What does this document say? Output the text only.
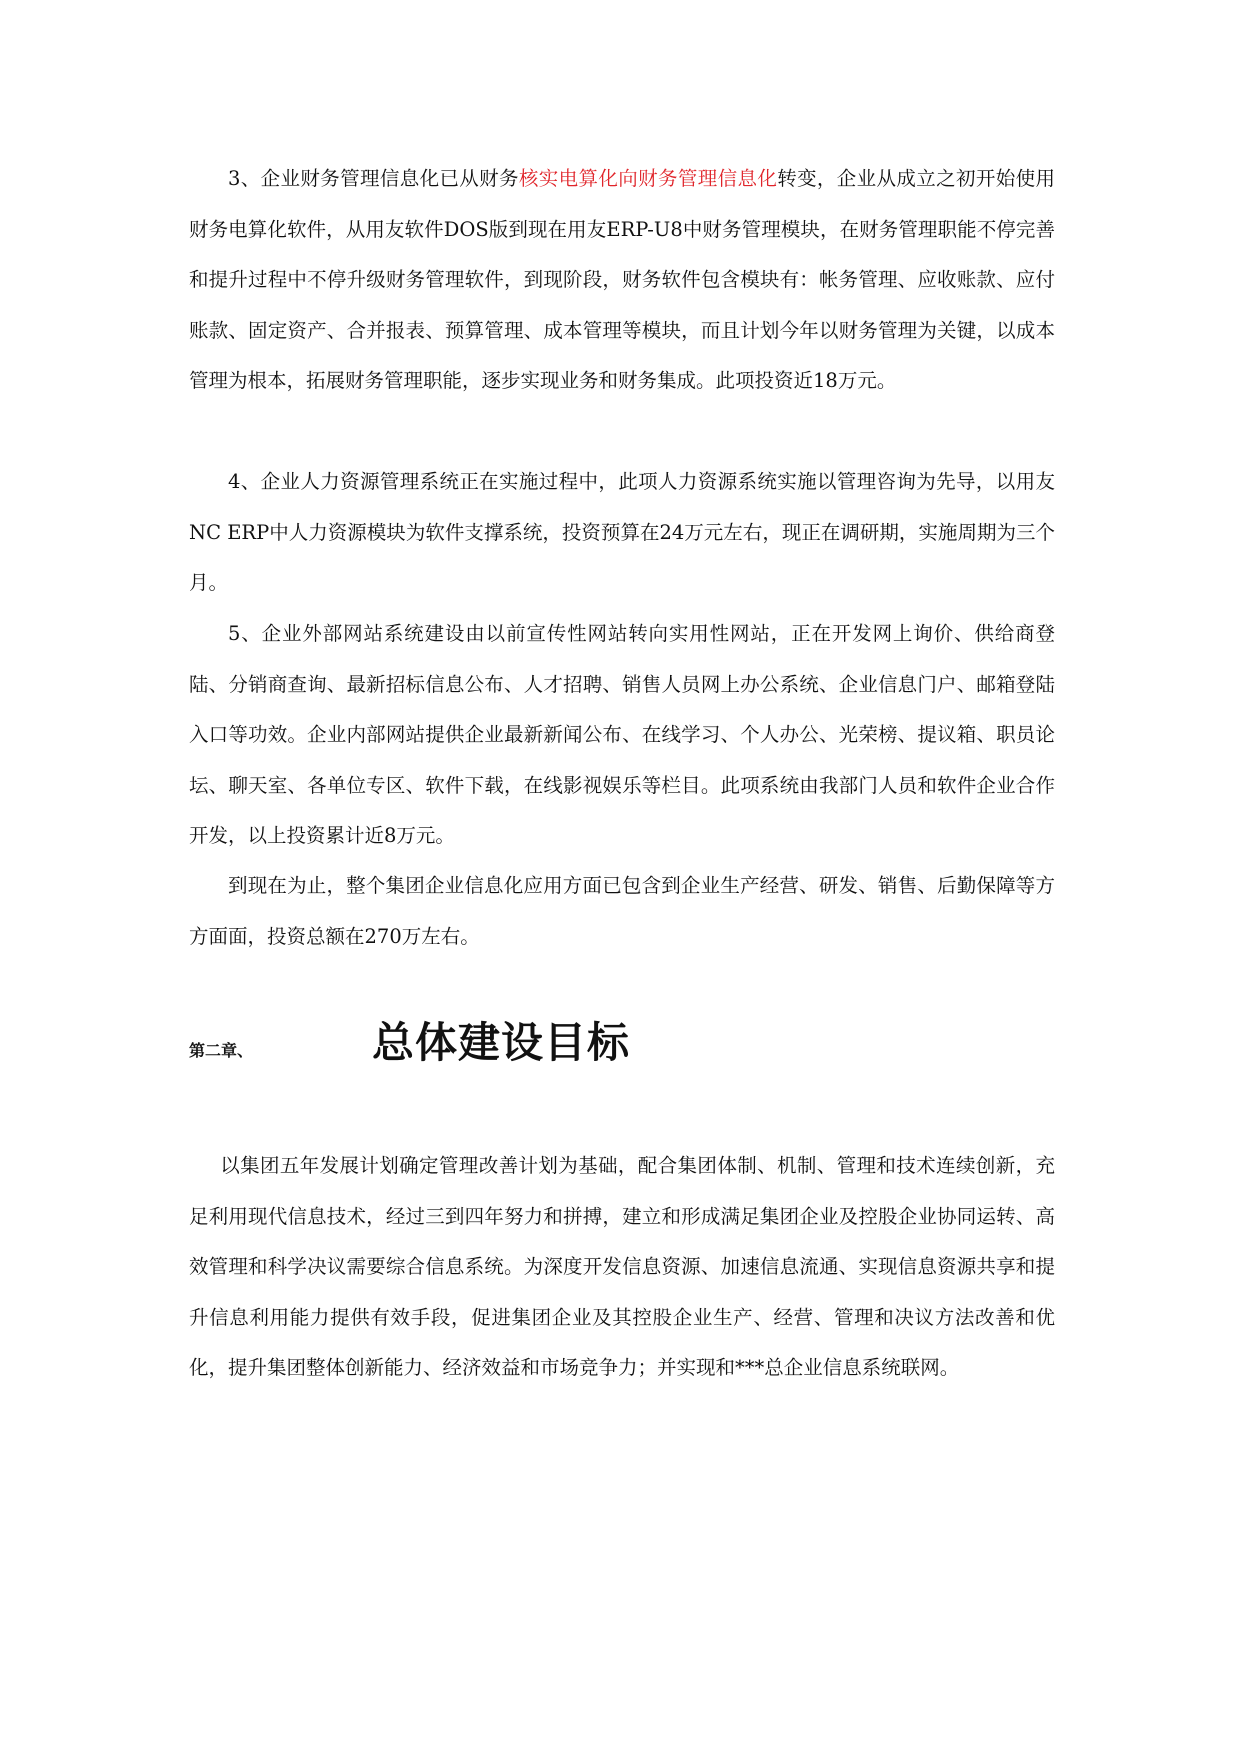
3、企业财务管理信息化已从财务核实电算化向财务管理信息化转变，企业从成立之初开始使用财务电算化软件，从用友软件DOS版到现在用友ERP-U8中财务管理模块，在财务管理职能不停完善和提升过程中不停升级财务管理软件，到现阶段，财务软件包含模块有：帐务管理、应收账款、应付账款、固定资产、合并报表、预算管理、成本管理等模块，而且计划今年以财务管理为关键，以成本管理为根本，拓展财务管理职能，逐步实现业务和财务集成。此项投资近18万元。

4、企业人力资源管理系统正在实施过程中，此项人力资源系统实施以管理咨询为先导，以用友NC ERP中人力资源模块为软件支撑系统，投资预算在24万元左右，现正在调研期，实施周期为三个月。

5、企业外部网站系统建设由以前宣传性网站转向实用性网站，正在开发网上询价、供给商登陆、分销商查询、最新招标信息公布、人才招聘、销售人员网上办公系统、企业信息门户、邮箱登陆入口等功效。企业内部网站提供企业最新新闻公布、在线学习、个人办公、光荣榜、提议箱、职员论坛、聊天室、各单位专区、软件下载，在线影视娱乐等栏目。此项系统由我部门人员和软件企业合作开发，以上投资累计近8万元。

到现在为止，整个集团企业信息化应用方面已包含到企业生产经营、研发、销售、后勤保障等方方面面，投资总额在270万左右。

第二章、	总体建设目标

以集团五年发展计划确定管理改善计划为基础，配合集团体制、机制、管理和技术连续创新，充足利用现代信息技术，经过三到四年努力和拼搏，建立和形成满足集团企业及控股企业协同运转、高效管理和科学决议需要综合信息系统。为深度开发信息资源、加速信息流通、实现信息资源共享和提升信息利用能力提供有效手段，促进集团企业及其控股企业生产、经营、管理和决议方法改善和优化，提升集团整体创新能力、经济效益和市场竞争力；并实现和***总企业信息系统联网。
